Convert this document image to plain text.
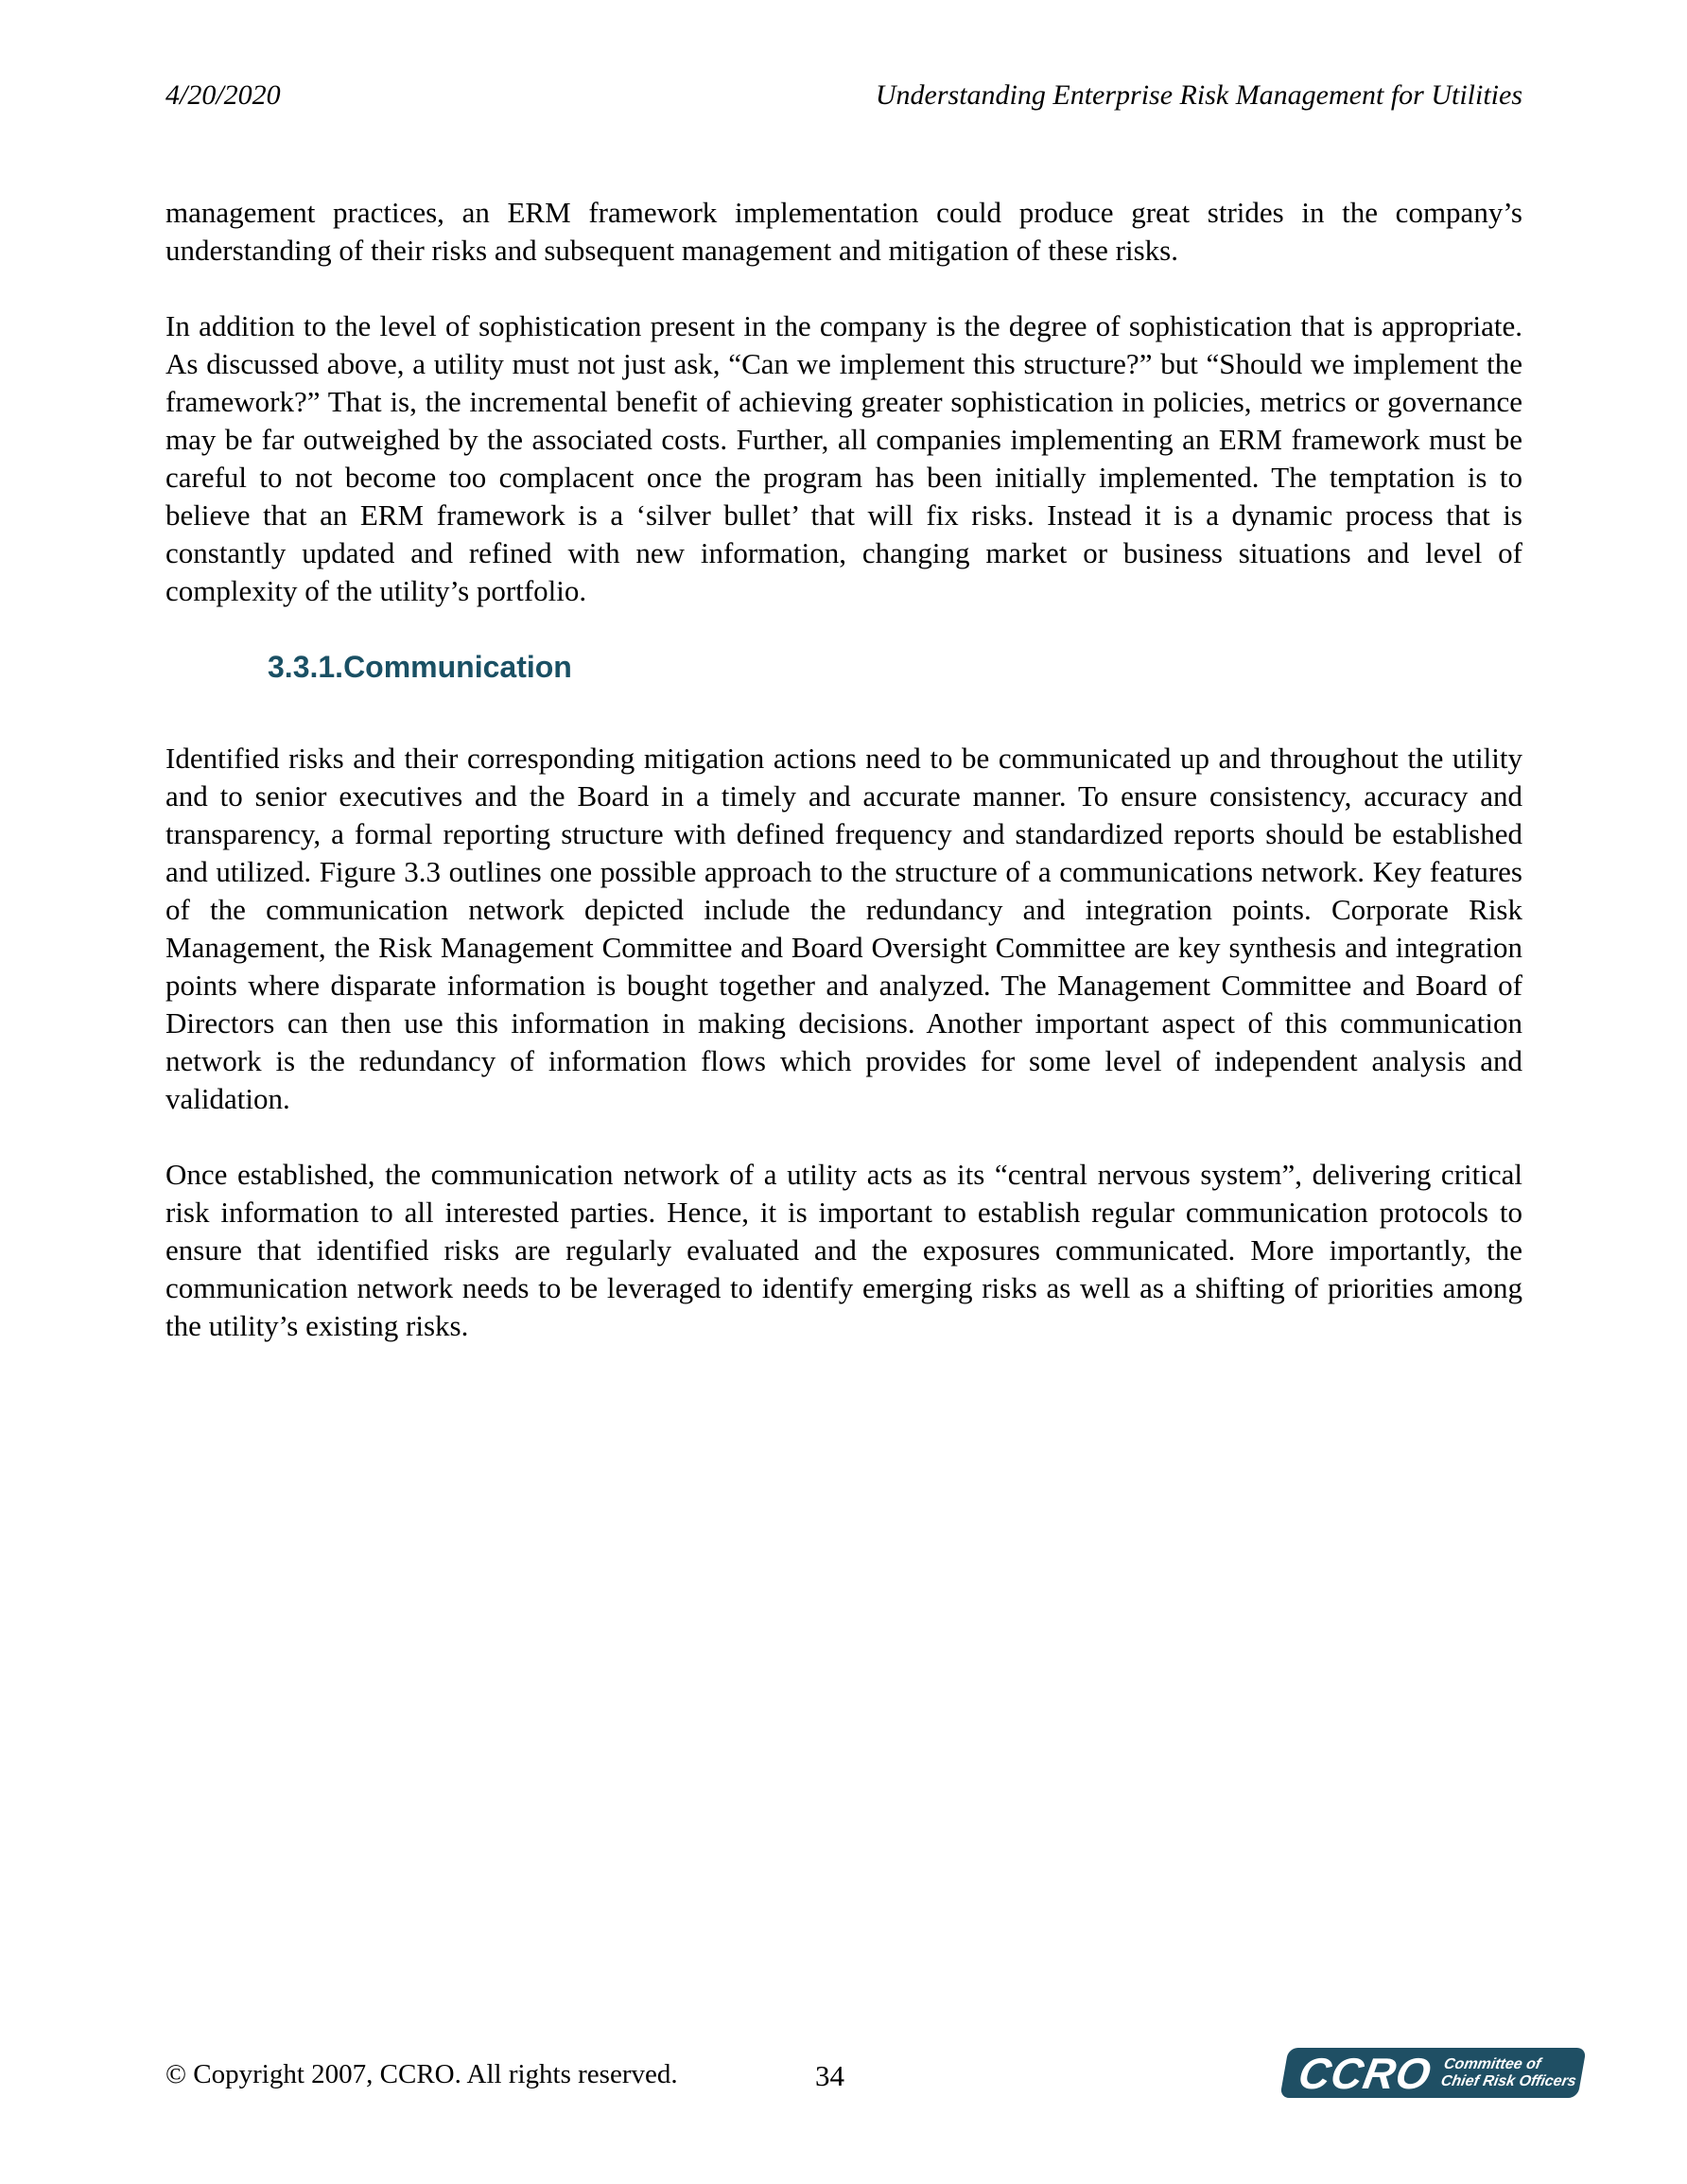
4/20/2020	Understanding Enterprise Risk Management for Utilities

management practices, an ERM framework implementation could produce great strides in the company’s understanding of their risks and subsequent management and mitigation of these risks.

In addition to the level of sophistication present in the company is the degree of sophistication that is appropriate. As discussed above, a utility must not just ask, “Can we implement this structure?” but “Should we implement the framework?” That is, the incremental benefit of achieving greater sophistication in policies, metrics or governance may be far outweighed by the associated costs. Further, all companies implementing an ERM framework must be careful to not become too complacent once the program has been initially implemented. The temptation is to believe that an ERM framework is a ‘silver bullet’ that will fix risks. Instead it is a dynamic process that is constantly updated and refined with new information, changing market or business situations and level of complexity of the utility’s portfolio.

3.3.1.Communication

Identified risks and their corresponding mitigation actions need to be communicated up and throughout the utility and to senior executives and the Board in a timely and accurate manner. To ensure consistency, accuracy and transparency, a formal reporting structure with defined frequency and standardized reports should be established and utilized. Figure 3.3 outlines one possible approach to the structure of a communications network. Key features of the communication network depicted include the redundancy and integration points. Corporate Risk Management, the Risk Management Committee and Board Oversight Committee are key synthesis and integration points where disparate information is bought together and analyzed. The Management Committee and Board of Directors can then use this information in making decisions. Another important aspect of this communication network is the redundancy of information flows which provides for some level of independent analysis and validation.

Once established, the communication network of a utility acts as its “central nervous system”, delivering critical risk information to all interested parties. Hence, it is important to establish regular communication protocols to ensure that identified risks are regularly evaluated and the exposures communicated. More importantly, the communication network needs to be leveraged to identify emerging risks as well as a shifting of priorities among the utility’s existing risks.

© Copyright 2007, CCRO. All rights reserved.	34	CCRO Committee of
Chief Risk Officers
